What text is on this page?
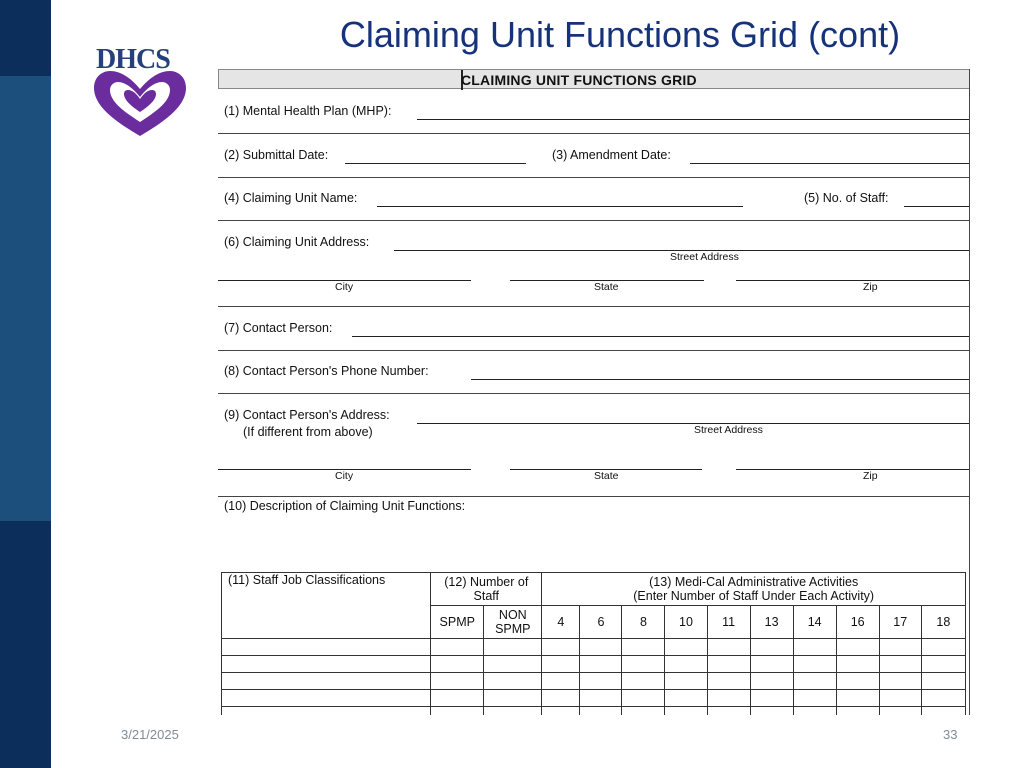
Claiming Unit Functions Grid (cont)
DHCS
CLAIMING UNIT FUNCTIONS GRID
(1) Mental Health Plan (MHP):
(2) Submittal Date:	(3) Amendment Date:
(4) Claiming Unit Name:	(5) No. of Staff:
(6) Claiming Unit Address:
Street Address
City	State	Zip
(7) Contact Person:
(8) Contact Person's Phone Number:
(9) Contact Person's Address:
(If different from above)	Street Address
City	State	Zip
(10) Description of Claiming Unit Functions:
(11) Staff Job Classifications	(12) Number of Staff		(13) Medi-Cal Administrative Activities
(Enter Number of Staff Under Each Activity)									

	SPMP	NON SPMP	4	6	8	10	11	13	14	16	17	18

3/21/2025	33
